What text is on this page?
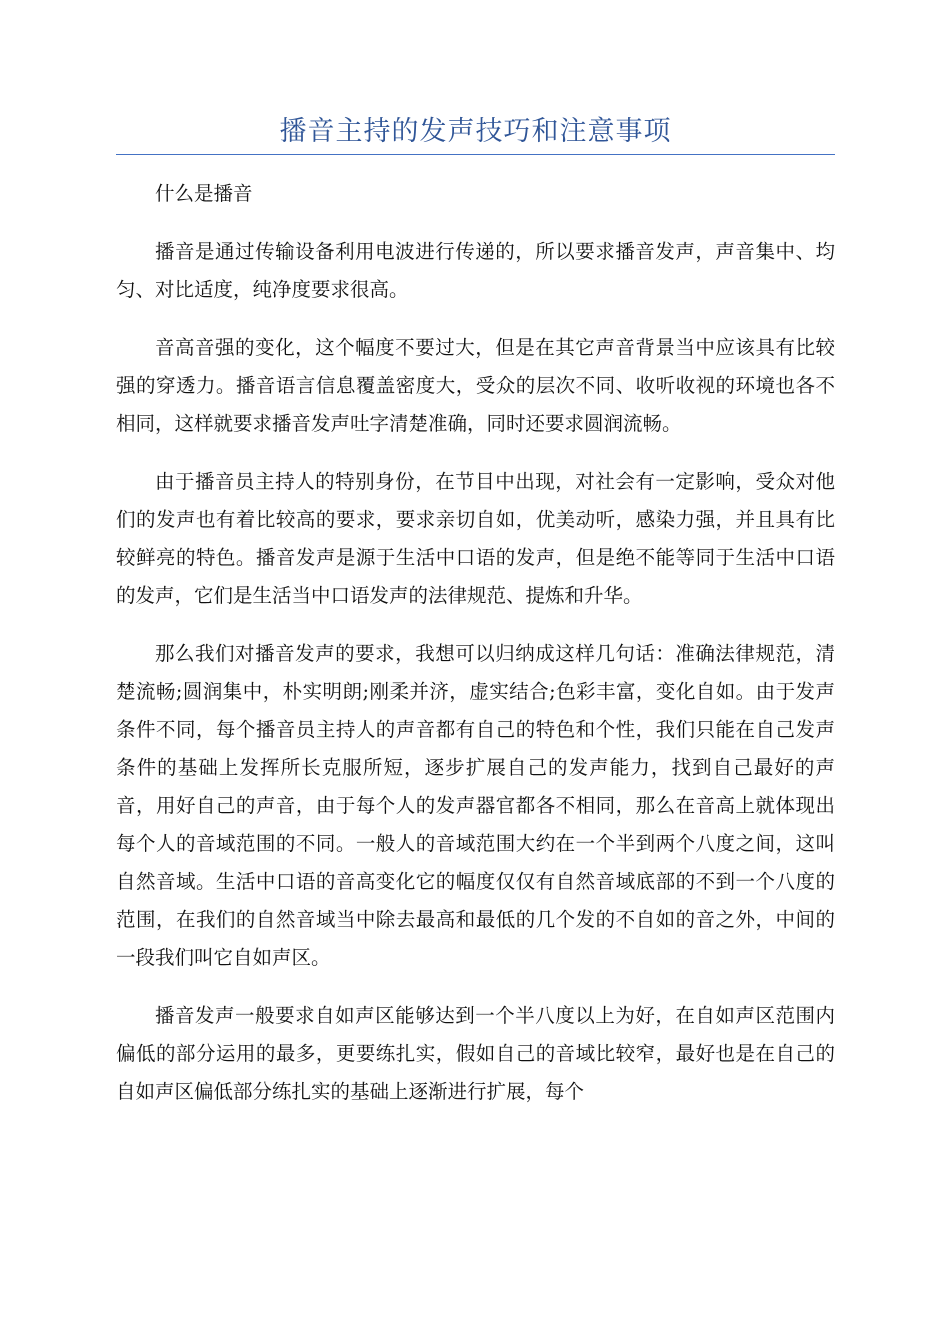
播音主持的发声技巧和注意事项

什么是播音

播音是通过传输设备利用电波进行传递的，所以要求播音发声，声音集中、均匀、对比适度，纯净度要求很高。

音高音强的变化，这个幅度不要过大，但是在其它声音背景当中应该具有比较强的穿透力。播音语言信息覆盖密度大，受众的层次不同、收听收视的环境也各不相同，这样就要求播音发声吐字清楚准确，同时还要求圆润流畅。

由于播音员主持人的特别身份，在节目中出现，对社会有一定影响，受众对他们的发声也有着比较高的要求，要求亲切自如，优美动听，感染力强，并且具有比较鲜亮的特色。播音发声是源于生活中口语的发声，但是绝不能等同于生活中口语的发声，它们是生活当中口语发声的法律规范、提炼和升华。

那么我们对播音发声的要求，我想可以归纳成这样几句话：准确法律规范，清楚流畅;圆润集中，朴实明朗;刚柔并济，虚实结合;色彩丰富，变化自如。由于发声条件不同，每个播音员主持人的声音都有自己的特色和个性，我们只能在自己发声条件的基础上发挥所长克服所短，逐步扩展自己的发声能力，找到自己最好的声音，用好自己的声音，由于每个人的发声器官都各不相同，那么在音高上就体现出每个人的音域范围的不同。一般人的音域范围大约在一个半到两个八度之间，这叫自然音域。生活中口语的音高变化它的幅度仅仅有自然音域底部的不到一个八度的范围，在我们的自然音域当中除去最高和最低的几个发的不自如的音之外，中间的一段我们叫它自如声区。

播音发声一般要求自如声区能够达到一个半八度以上为好，在自如声区范围内偏低的部分运用的最多，更要练扎实，假如自己的音域比较窄，最好也是在自己的自如声区偏低部分练扎实的基础上逐渐进行扩展，每个
